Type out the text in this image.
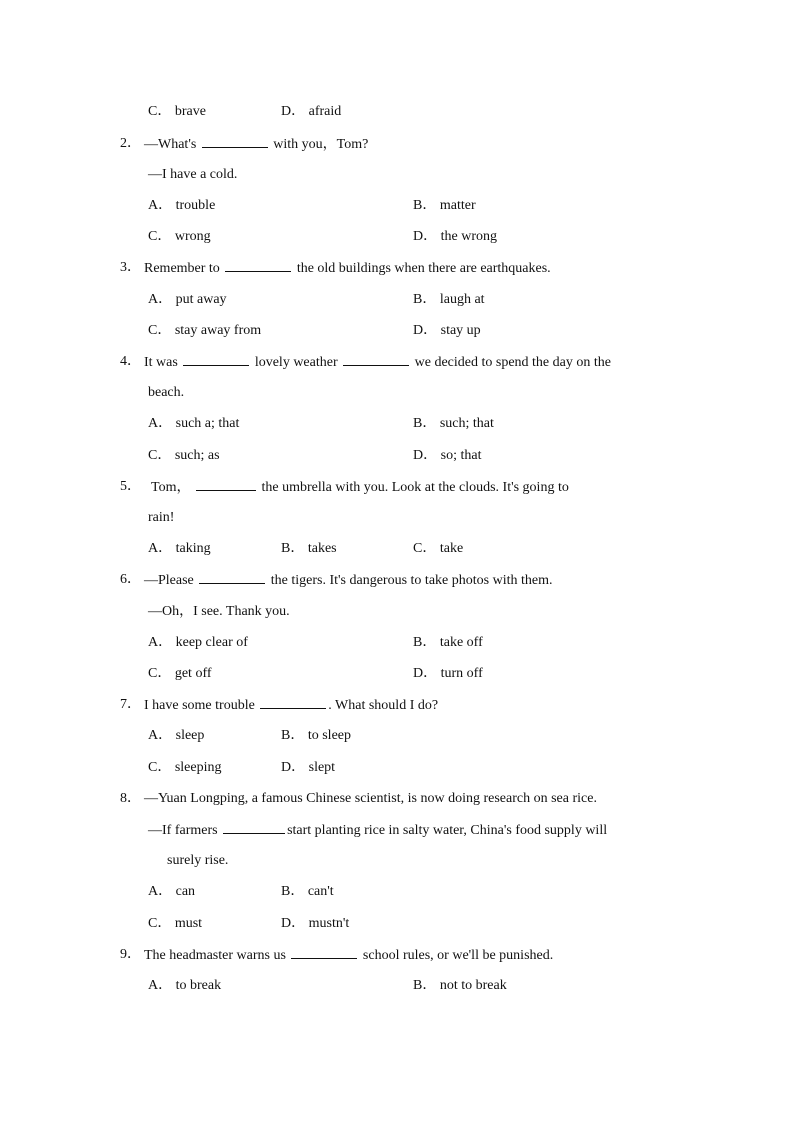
C． brave	D． afraid
2． —What's	with you，Tom?
—I have a cold.
A． trouble	B． matter
C． wrong	D． the wrong
3． Remember to	the old buildings when there are earthquakes.
A． put away	B． laugh at
C． stay away from	D． stay up
4． It was	lovely weather	we decided to spend the day on the
beach.
A． such a; that	B． such; that
C． such; as	D． so; that
5． Tom，	the umbrella with you. Look at the clouds. It's going to
rain!
A． taking	B． takes	C． take
6． —Please	the tigers. It's dangerous to take photos with them.
—Oh，I see. Thank you.
A． keep clear of	B． take off
C． get off	D． turn off
7． I have some trouble	. What should I do?
A． sleep	B． to sleep
C． sleeping	D． slept
8． —Yuan Longping, a famous Chinese scientist, is now doing research on sea rice.
—If farmers	start planting rice in salty water, China's food supply will
surely rise.
A． can	B． can't
C． must	D． mustn't
9． The headmaster warns us	school rules, or we'll be punished.
A． to break	B． not to break
